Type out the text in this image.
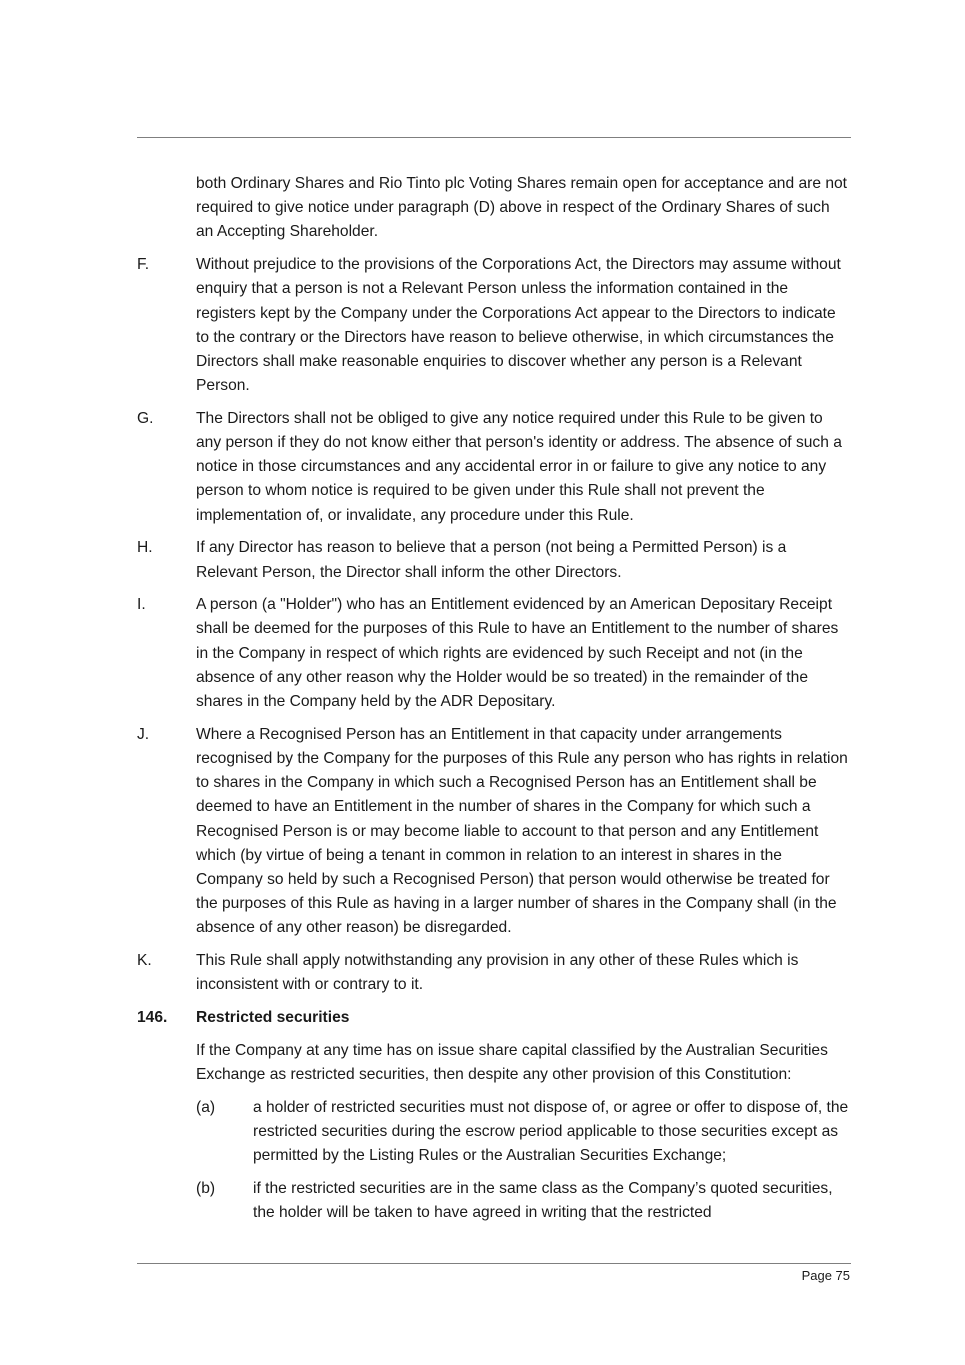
both Ordinary Shares and Rio Tinto plc Voting Shares remain open for acceptance and are not required to give notice under paragraph (D) above in respect of the Ordinary Shares of such an Accepting Shareholder.

F.	Without prejudice to the provisions of the Corporations Act, the Directors may assume without enquiry that a person is not a Relevant Person unless the information contained in the registers kept by the Company under the Corporations Act appear to the Directors to indicate to the contrary or the Directors have reason to believe otherwise, in which circumstances the Directors shall make reasonable enquiries to discover whether any person is a Relevant Person.
G.	The Directors shall not be obliged to give any notice required under this Rule to be given to any person if they do not know either that person's identity or address. The absence of such a notice in those circumstances and any accidental error in or failure to give any notice to any person to whom notice is required to be given under this Rule shall not prevent the implementation of, or invalidate, any procedure under this Rule.
H.	If any Director has reason to believe that a person (not being a Permitted Person) is a Relevant Person, the Director shall inform the other Directors.
I.	A person (a "Holder") who has an Entitlement evidenced by an American Depositary Receipt shall be deemed for the purposes of this Rule to have an Entitlement to the number of shares in the Company in respect of which rights are evidenced by such Receipt and not (in the absence of any other reason why the Holder would be so treated) in the remainder of the shares in the Company held by the ADR Depositary.
J.	Where a Recognised Person has an Entitlement in that capacity under arrangements recognised by the Company for the purposes of this Rule any person who has rights in relation to shares in the Company in which such a Recognised Person has an Entitlement shall be deemed to have an Entitlement in the number of shares in the Company for which such a Recognised Person is or may become liable to account to that person and any Entitlement which (by virtue of being a tenant in common in relation to an interest in shares in the Company so held by such a Recognised Person) that person would otherwise be treated for the purposes of this Rule as having in a larger number of shares in the Company shall (in the absence of any other reason) be disregarded.
K.	This Rule shall apply notwithstanding any provision in any other of these Rules which is inconsistent with or contrary to it.
146.	Restricted securities

If the Company at any time has on issue share capital classified by the Australian Securities Exchange as restricted securities, then despite any other provision of this Constitution:

(a)	a holder of restricted securities must not dispose of, or agree or offer to dispose of, the restricted securities during the escrow period applicable to those securities except as permitted by the Listing Rules or the Australian Securities Exchange;
(b)	if the restricted securities are in the same class as the Company’s quoted securities, the holder will be taken to have agreed in writing that the restricted
Page 75
